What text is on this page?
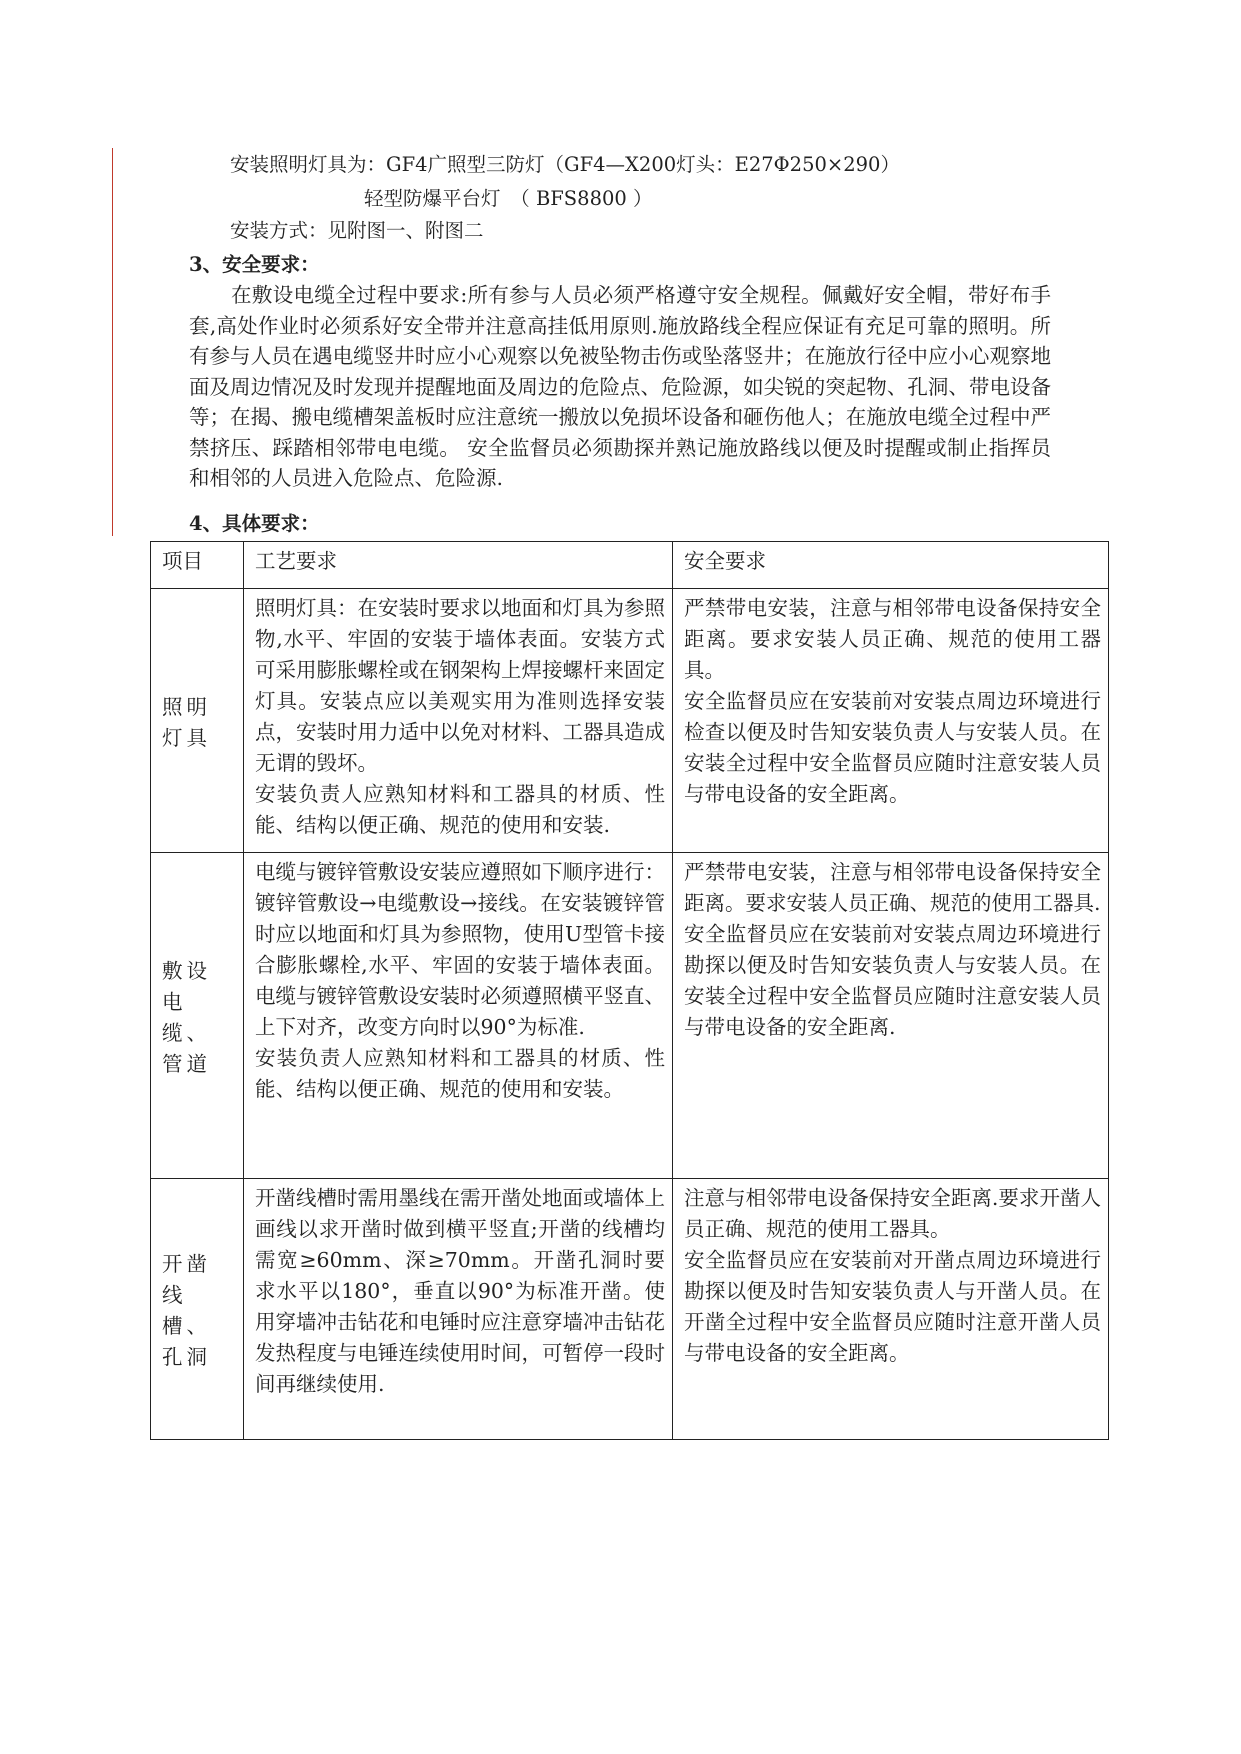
安装照明灯具为：GF4广照型三防灯（GF4—X200灯头：E27Φ250×290）
轻型防爆平台灯　（ BFS8800 ）
安装方式：见附图一、附图二
3、安全要求：
在敷设电缆全过程中要求:所有参与人员必须严格遵守安全规程。佩戴好安全帽，带好布手套,高处作业时必须系好安全带并注意高挂低用原则.施放路线全程应保证有充足可靠的照明。所有参与人员在遇电缆竖井时应小心观察以免被坠物击伤或坠落竖井；在施放行径中应小心观察地面及周边情况及时发现并提醒地面及周边的危险点、危险源，如尖锐的突起物、孔洞、带电设备等；在揭、搬电缆槽架盖板时应注意统一搬放以免损坏设备和砸伤他人；在施放电缆全过程中严禁挤压、踩踏相邻带电电缆。 安全监督员必须勘探并熟记施放路线以便及时提醒或制止指挥员和相邻的人员进入危险点、危险源.
4、具体要求：
项目	工艺要求	安全要求

照明灯具	照明灯具：在安装时要求以地面和灯具为参照物,水平、牢固的安装于墙体表面。安装方式可采用膨胀螺栓或在钢架构上焊接螺杆来固定灯具。安装点应以美观实用为准则选择安装点，安装时用力适中以免对材料、工器具造成无谓的毁坏。
安装负责人应熟知材料和工器具的材质、性能、结构以便正确、规范的使用和安装.	严禁带电安装，注意与相邻带电设备保持安全距离。要求安装人员正确、规范的使用工器具。
安全监督员应在安装前对安装点周边环境进行检查以便及时告知安装负责人与安装人员。在安装全过程中安全监督员应随时注意安装人员与带电设备的安全距离。

敷设电缆、管道	电缆与镀锌管敷设安装应遵照如下顺序进行：镀锌管敷设→电缆敷设→接线。在安装镀锌管时应以地面和灯具为参照物，使用U型管卡接合膨胀螺栓,水平、牢固的安装于墙体表面。电缆与镀锌管敷设安装时必须遵照横平竖直、上下对齐，改变方向时以90°为标准.
安装负责人应熟知材料和工器具的材质、性能、结构以便正确、规范的使用和安装。	严禁带电安装，注意与相邻带电设备保持安全距离。要求安装人员正确、规范的使用工器具.
安全监督员应在安装前对安装点周边环境进行勘探以便及时告知安装负责人与安装人员。在安装全过程中安全监督员应随时注意安装人员与带电设备的安全距离.

开凿线槽、孔洞	开凿线槽时需用墨线在需开凿处地面或墙体上画线以求开凿时做到横平竖直;开凿的线槽均需宽≥60mm、深≥70mm。开凿孔洞时要求水平以180°，垂直以90°为标准开凿。使用穿墙冲击钻花和电锤时应注意穿墙冲击钻花发热程度与电锤连续使用时间，可暂停一段时间再继续使用.	注意与相邻带电设备保持安全距离.要求开凿人员正确、规范的使用工器具。
安全监督员应在安装前对开凿点周边环境进行勘探以便及时告知安装负责人与开凿人员。在开凿全过程中安全监督员应随时注意开凿人员与带电设备的安全距离。
